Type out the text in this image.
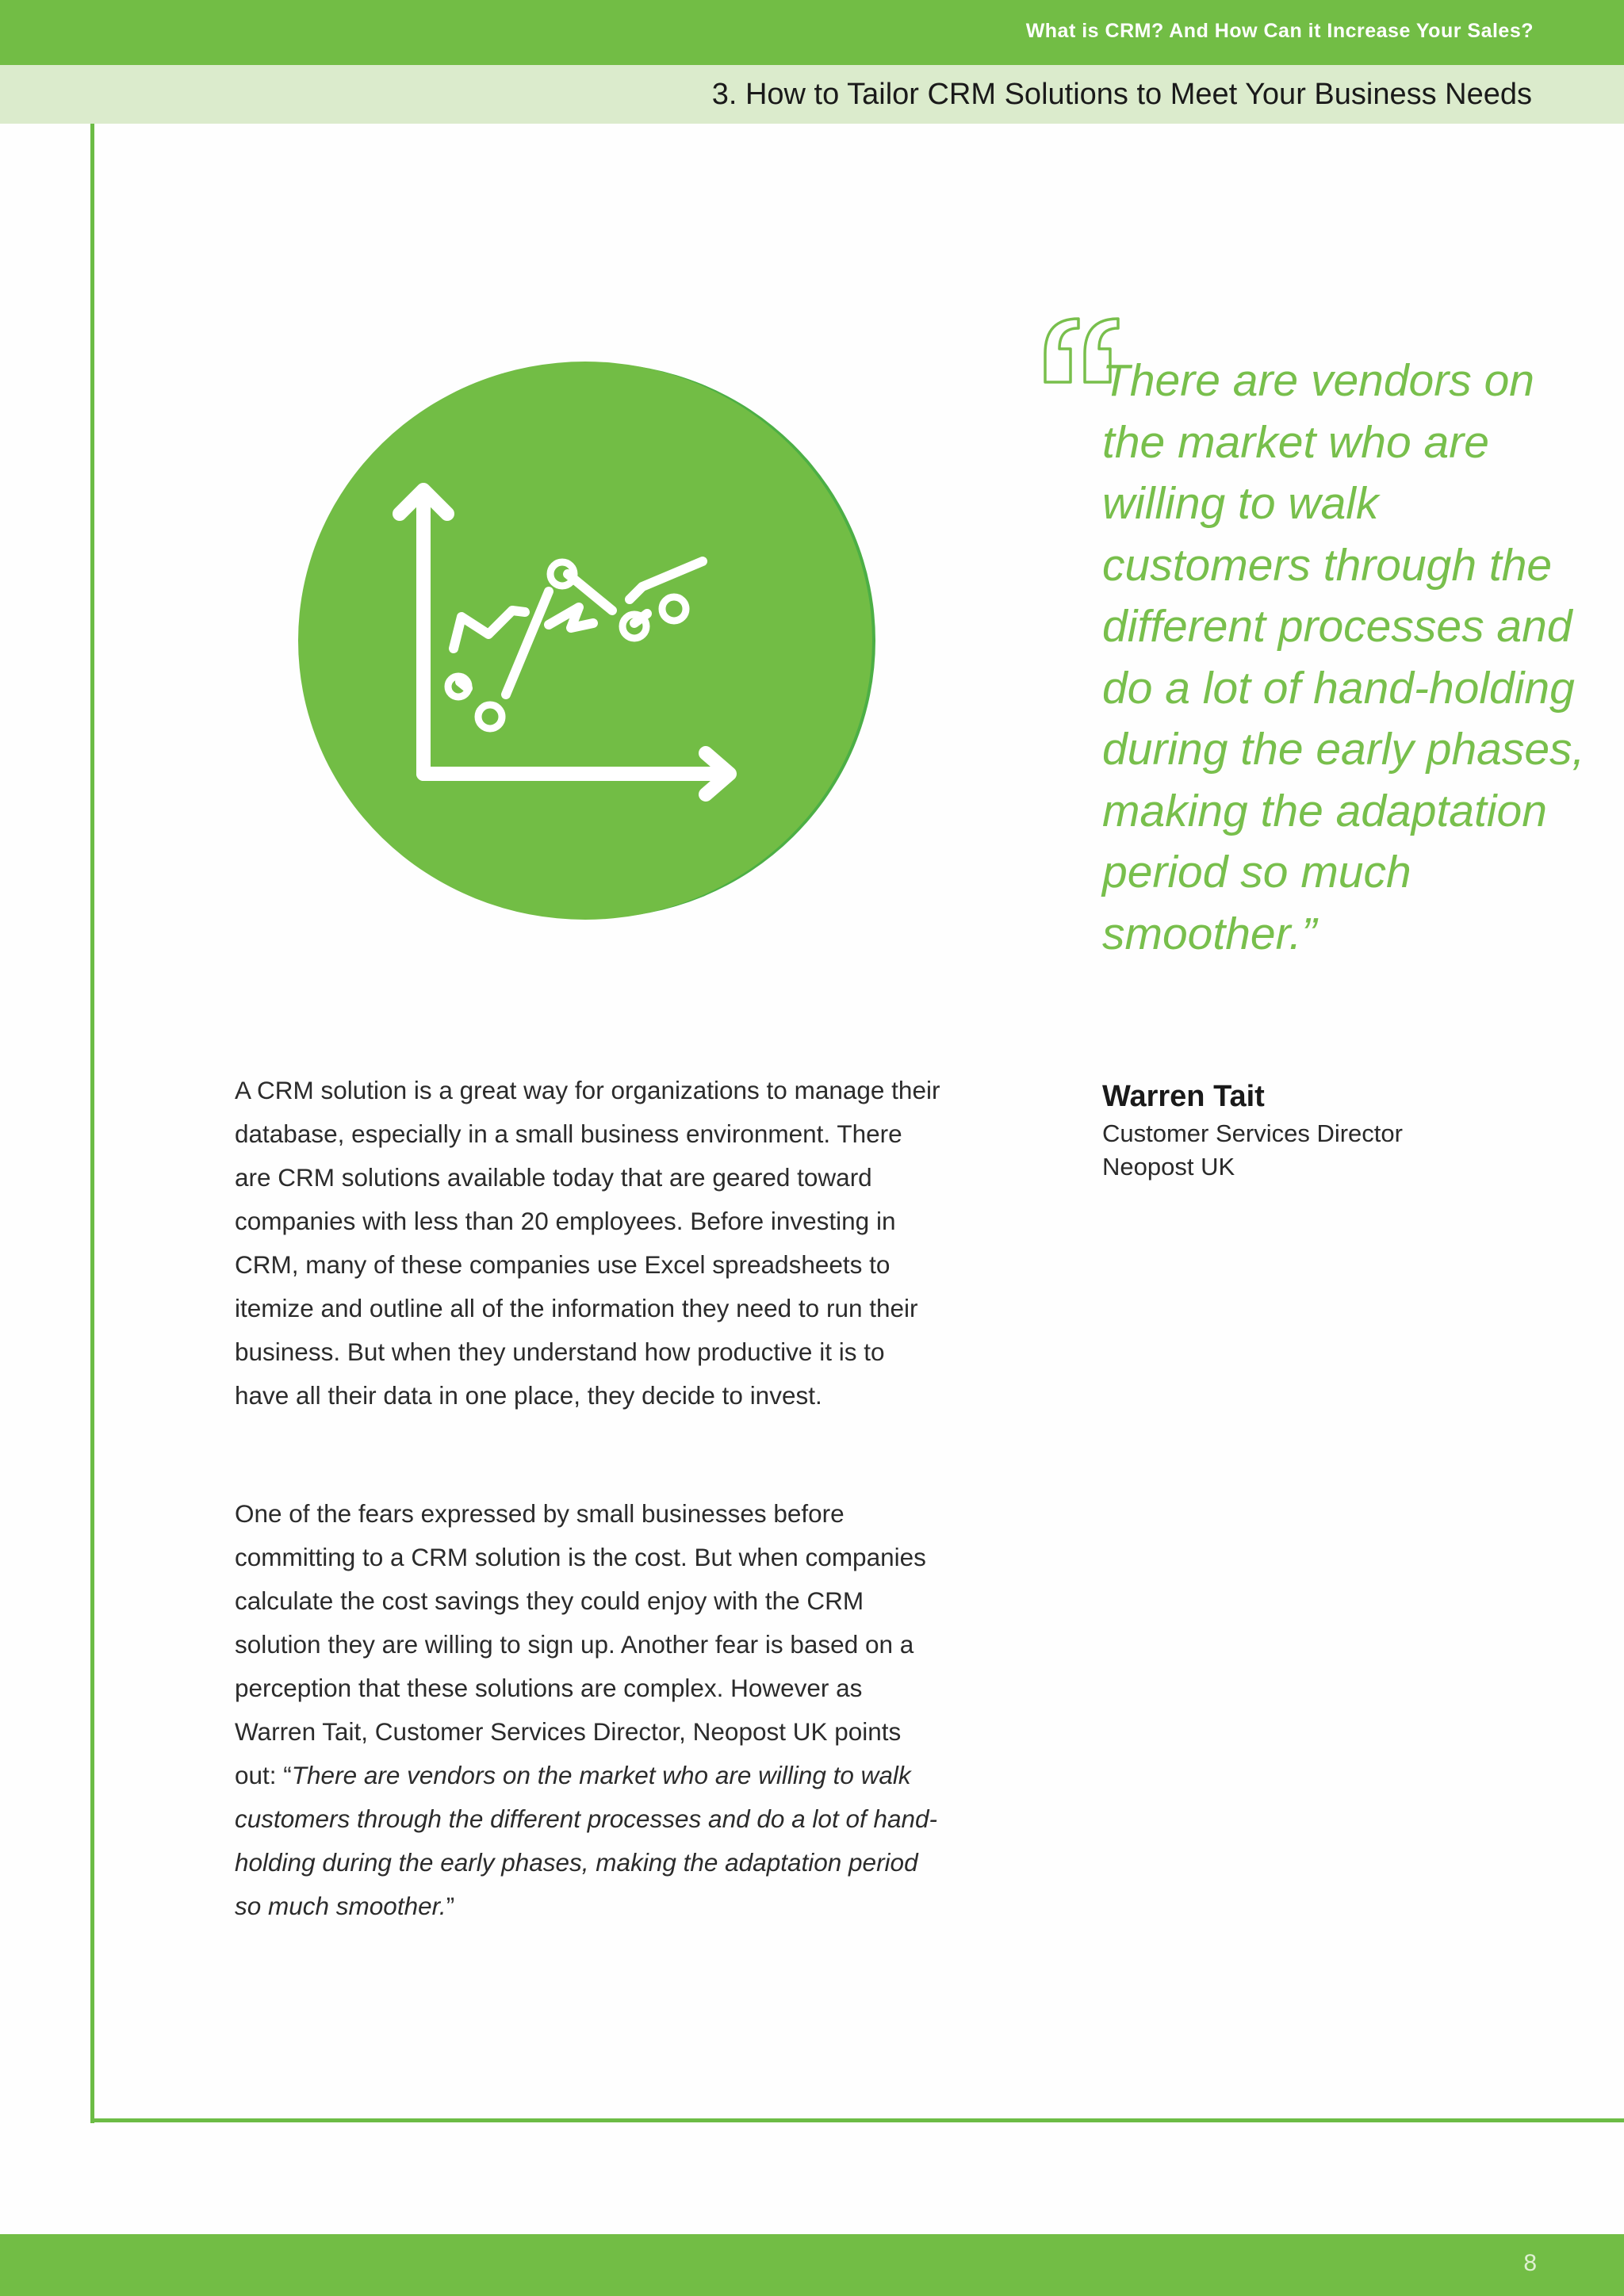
What is CRM? And How Can it Increase Your Sales?
3. How to Tailor CRM Solutions to Meet Your Business Needs

There are vendors on the market who are willing to walk customers through the different processes and do a lot of hand-holding during the early phases, making the adaptation period so much smoother.”

Warren Tait
Customer Services Director
Neopost UK

A CRM solution is a great way for organizations to manage their database, especially in a small business environment. There are CRM solutions available today that are geared toward companies with less than 20 employees. Before investing in CRM, many of these companies use Excel spreadsheets to itemize and outline all of the information they need to run their business. But when they understand how productive it is to have all their data in one place, they decide to invest.

One of the fears expressed by small businesses before committing to a CRM solution is the cost. But when companies calculate the cost savings they could enjoy with the CRM solution they are willing to sign up. Another fear is based on a perception that these solutions are complex. However as Warren Tait, Customer Services Director, Neopost UK points out: “There are vendors on the market who are willing to walk customers through the different processes and do a lot of hand-holding during the early phases, making the adaptation period so much smoother.”

8
